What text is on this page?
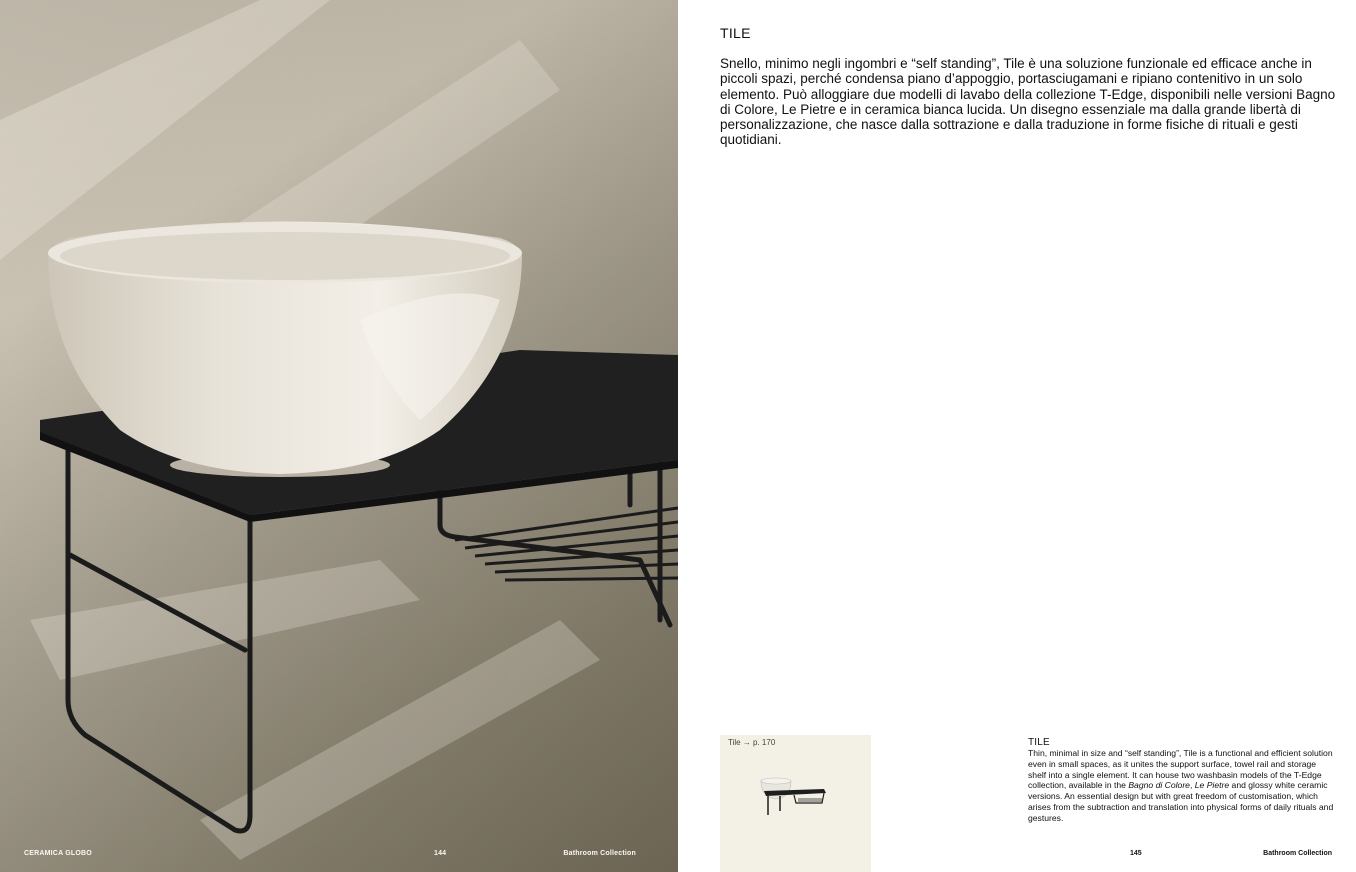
CERAMICA GLOBO	144	Bathroom Collection
TILE

Snello, minimo negli ingombri e “self standing”, Tile è una soluzione funzionale ed efficace anche in piccoli spazi, perché condensa piano d’appoggio, portasciugamani e ripiano contenitivo in un solo elemento. Può alloggiare due modelli di lavabo della collezione T-Edge, disponibili nelle versioni Bagno di Colore, Le Pietre e in ceramica bianca lucida. Un disegno essenziale ma dalla grande libertà di personalizzazione, che nasce dalla sottrazione e dalla traduzione in forme fisiche di rituali e gesti quotidiani.

Tile → p. 170	TILE

Thin, minimal in size and “self standing”, Tile is a functional and efficient solution even in small spaces, as it unites the support surface, towel rail and storage shelf into a single element. It can house two washbasin models of the T-Edge collection, available in the Bagno di Colore, Le Pietre and glossy white ceramic versions. An essential design but with great freedom of customisation, which arises from the subtraction and translation into physical forms of daily rituals and gestures.

145	Bathroom Collection
